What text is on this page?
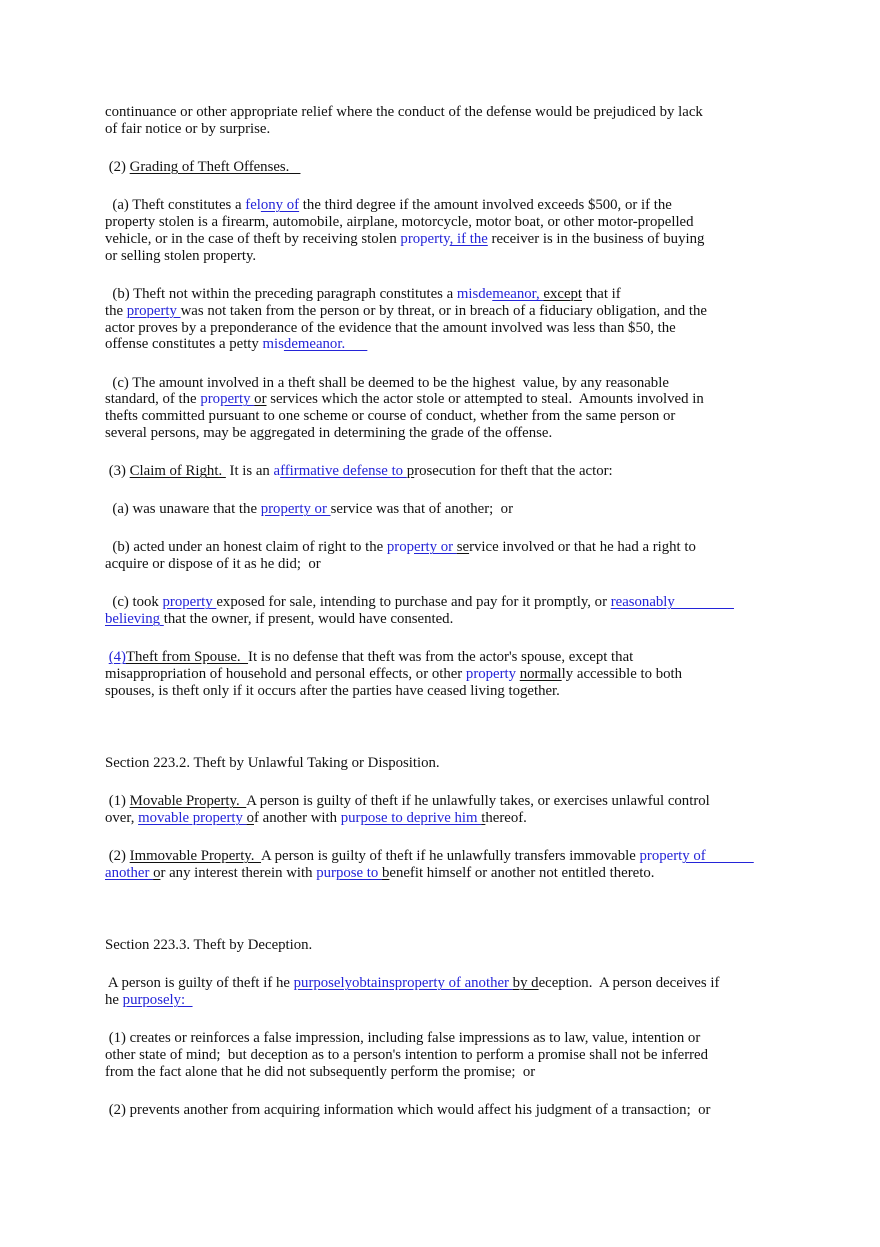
continuance or other appropriate relief where the conduct of the defense would be prejudiced by lack
of fair notice or by surprise.
(2) Grading of Theft Offenses.
(a) Theft constitutes a felony of the third degree if the amount involved exceeds $500, or if the
property stolen is a firearm, automobile, airplane, motorcycle, motor boat, or other motor-propelled
vehicle, or in the case of theft by receiving stolen property, if the receiver is in the business of buying
or selling stolen property.
(b) Theft not within the preceding paragraph constitutes a misdemeanor, except that if
the property was not taken from the person or by threat, or in breach of a fiduciary obligation, and the
actor proves by a preponderance of the evidence that the amount involved was less than $50, the
offense constitutes a petty misdemeanor.
(c) The amount involved in a theft shall be deemed to be the highest  value, by any reasonable
standard, of the property or services which the actor stole or attempted to steal.  Amounts involved in
thefts committed pursuant to one scheme or course of conduct, whether from the same person or
several persons, may be aggregated in determining the grade of the offense.
(3) Claim of Right.  It is an affirmative defense to prosecution for theft that the actor:
(a) was unaware that the property or service was that of another;  or
(b) acted under an honest claim of right to the property or service involved or that he had a right to
acquire or dispose of it as he did;  or
(c) took property exposed for sale, intending to purchase and pay for it promptly, or reasonably
believing that the owner, if present, would have consented.
(4)Theft from Spouse.  It is no defense that theft was from the actor's spouse, except that
misappropriation of household and personal effects, or other property normally accessible to both
spouses, is theft only if it occurs after the parties have ceased living together.
Section 223.2. Theft by Unlawful Taking or Disposition.
(1) Movable Property.  A person is guilty of theft if he unlawfully takes, or exercises unlawful control
over, movable property of another with purpose to deprive him thereof.
(2) Immovable Property.  A person is guilty of theft if he unlawfully transfers immovable property of
another or any interest therein with purpose to benefit himself or another not entitled thereto.
Section 223.3. Theft by Deception.
A person is guilty of theft if he purposelyobtainsproperty of another by deception.  A person deceives if
he purposely:
(1) creates or reinforces a false impression, including false impressions as to law, value, intention or
other state of mind;  but deception as to a person's intention to perform a promise shall not be inferred
from the fact alone that he did not subsequently perform the promise;  or
(2) prevents another from acquiring information which would affect his judgment of a transaction;  or
